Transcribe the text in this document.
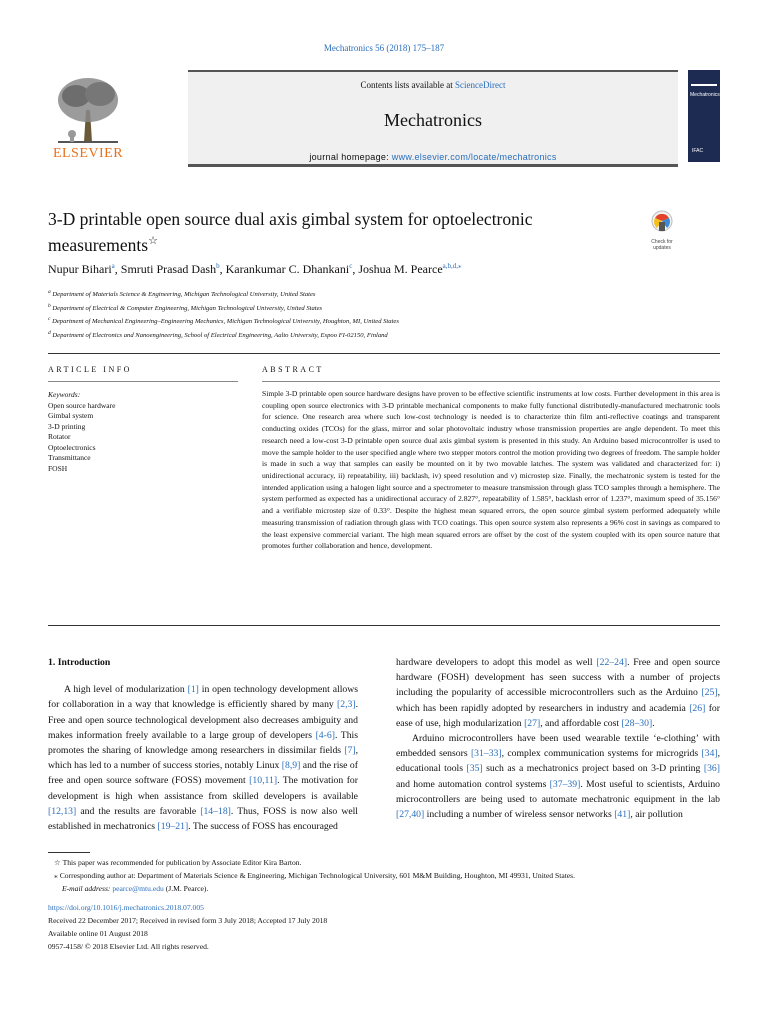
Mechatronics 56 (2018) 175–187
ELSEVIER
Contents lists available at ScienceDirect
Mechatronics
journal homepage: www.elsevier.com/locate/mechatronics
Mechatronics
IFAC
3-D printable open source dual axis gimbal system for optoelectronic
measurements☆	Check for
updates
Nupur Bihari$^a$, Smruti Prasad Dash$^b$, Karankumar C. Dhankani$^c$, Joshua M. Pearce$^{a,b,d,⁎}$
$^a$ Department of Materials Science & Engineering, Michigan Technological University, United States
$^b$ Department of Electrical & Computer Engineering, Michigan Technological University, United States
$^c$ Department of Mechanical Engineering–Engineering Mechanics, Michigan Technological University, Houghton, MI, United States
$^d$ Department of Electronics and Nanoengineering, School of Electrical Engineering, Aalto University, Espoo FI-02150, Finland
ARTICLE INFO	ABSTRACT
Keywords:
Open source hardware
Gimbal system
3-D printing
Rotator
Optoelectronics
Transmittance
FOSH
Simple 3-D printable open source hardware designs have proven to be effective scientific instruments at low costs. Further development in this area is coupling open source electronics with 3-D printable mechanical components to make fully functional distributedly-manufactured mechatronic tools for science. One research area where such low-cost technology is needed is to characterize thin film anti-reflective coatings and transparent conducting oxides (TCOs) for the glass, mirror and solar photovoltaic industry whose transmission properties are angle dependent. To meet this research need a low-cost 3-D printable open source dual axis gimbal system is presented in this study. An Arduino based microcontroller is used to move the sample holder to the user specified angle where two stepper motors control the motion providing two degrees of freedom. The sample holder is made in such a way that samples can easily be mounted on it by two movable latches. The system was validated and characterized for: i) unidirectional accuracy, ii) repeatability, iii) backlash, iv) speed resolution and v) microstep size. Finally, the mechatronic system is tested for the intended application using a halogen light source and a spectrometer to measure transmission through glass TCO samples through a hemisphere. The system performed as expected has a unidirectional accuracy of 2.827°, repeatability of 1.585°, backlash error of 1.237°, maximum speed of 35.156° and a verifiable microstep size of 0.33°. Despite the highest mean squared errors, the open source gimbal system performed adequately while measuring transmission of radiation through glass with TCO coatings. This open source system also represents a 96% cost in savings as compared to the least expensive commercial variant. The high mean squared errors are offset by the cost of the system coupled with its open source nature that promotes further collaboration and hence, development.
1. Introduction

A high level of modularization [1] in open technology development allows for collaboration in a way that knowledge is efficiently shared by many [2,3]. Free and open source technological development also decreases ambiguity and makes information freely available to a large group of developers [4-6]. This promotes the sharing of knowledge among researchers in dissimilar fields [7], which has led to a number of success stories, notably Linux [8,9] and the rise of free and open source software (FOSS) movement [10,11]. The motivation for development is high when assistance from skilled developers is available [12,13] and the results are favorable [14–18]. Thus, FOSS is now also well established in mechatronics [19–21]. The success of FOSS has encouraged

hardware developers to adopt this model as well [22–24]. Free and open source hardware (FOSH) development has seen success with a number of projects including the popularity of accessible microcontrollers such as the Arduino [25], which has been rapidly adopted by researchers in industry and academia [26] for ease of use, high modularization [27], and affordable cost [28–30].

Arduino microcontrollers have been used wearable textile ‘e-clothing’ with embedded sensors [31–33], complex communication systems for microgrids [34], educational tools [35] such as a mechatronics project based on 3-D printing [36] and home automation control systems [37–39]. Most useful to scientists, Arduino microcontrollers are being used to automate mechatronic equipment in the lab [27,40] including a number of wireless sensor networks [41], air pollution

☆ This paper was recommended for publication by Associate Editor Kira Barton.
⁎ Corresponding author at: Department of Materials Science & Engineering, Michigan Technological University, 601 M&M Building, Houghton, MI 49931, United States.
E-mail address: pearce@mtu.edu (J.M. Pearce).
https://doi.org/10.1016/j.mechatronics.2018.07.005
Received 22 December 2017; Received in revised form 3 July 2018; Accepted 17 July 2018
Available online 01 August 2018
0957-4158/ © 2018 Elsevier Ltd. All rights reserved.
